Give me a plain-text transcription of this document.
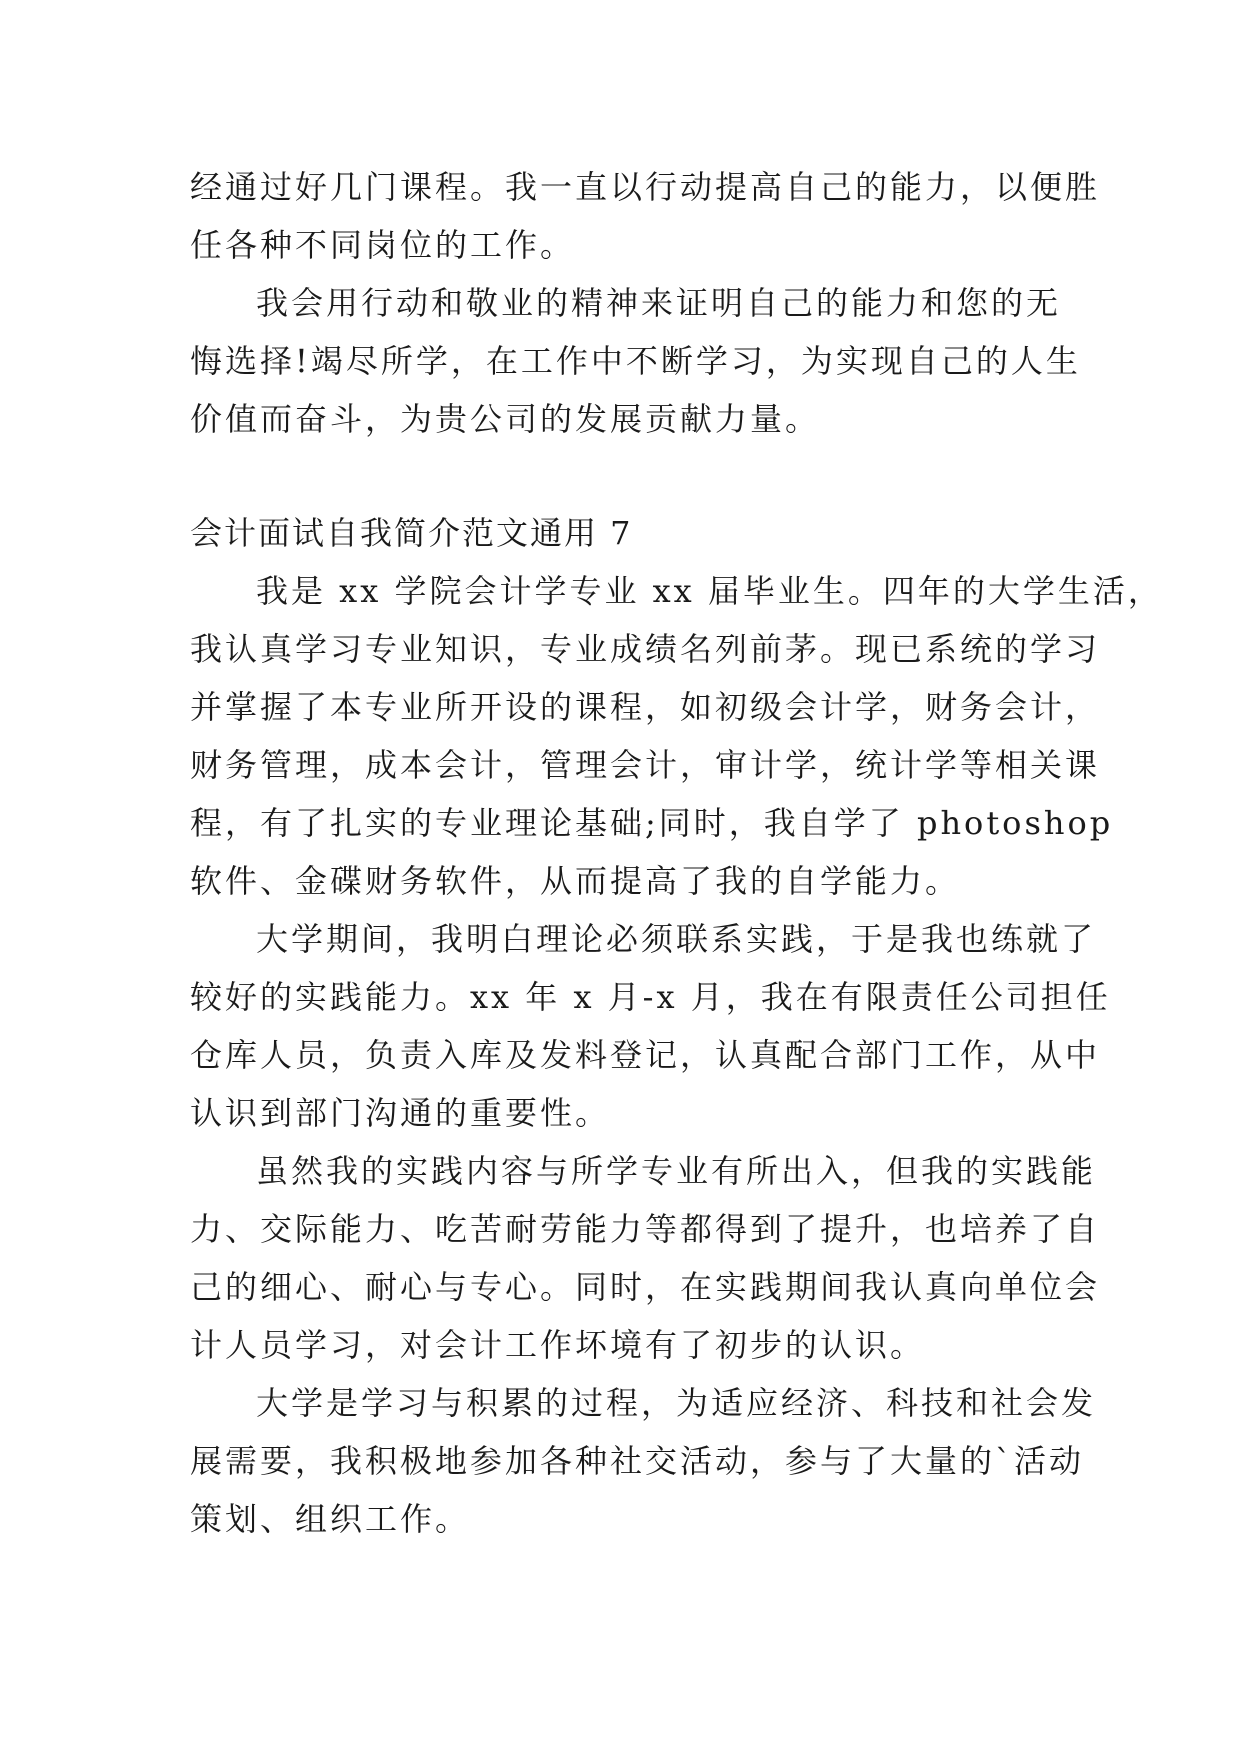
经通过好几门课程。我一直以行动提高自己的能力，以便胜
任各种不同岗位的工作。
我会用行动和敬业的精神来证明自己的能力和您的无
悔选择!竭尽所学，在工作中不断学习，为实现自己的人生
价值而奋斗，为贵公司的发展贡献力量。
会计面试自我简介范文通用 7
我是 xx 学院会计学专业 xx 届毕业生。四年的大学生活，
我认真学习专业知识，专业成绩名列前茅。现已系统的学习
并掌握了本专业所开设的课程，如初级会计学，财务会计，
财务管理，成本会计，管理会计，审计学，统计学等相关课
程，有了扎实的专业理论基础;同时，我自学了 photoshop
软件、金碟财务软件，从而提高了我的自学能力。
大学期间，我明白理论必须联系实践，于是我也练就了
较好的实践能力。xx 年 x 月-x 月，我在有限责任公司担任
仓库人员，负责入库及发料登记，认真配合部门工作，从中
认识到部门沟通的重要性。
虽然我的实践内容与所学专业有所出入，但我的实践能
力、交际能力、吃苦耐劳能力等都得到了提升，也培养了自
己的细心、耐心与专心。同时，在实践期间我认真向单位会
计人员学习，对会计工作坏境有了初步的认识。
大学是学习与积累的过程，为适应经济、科技和社会发
展需要，我积极地参加各种社交活动，参与了大量的`活动
策划、组织工作。
